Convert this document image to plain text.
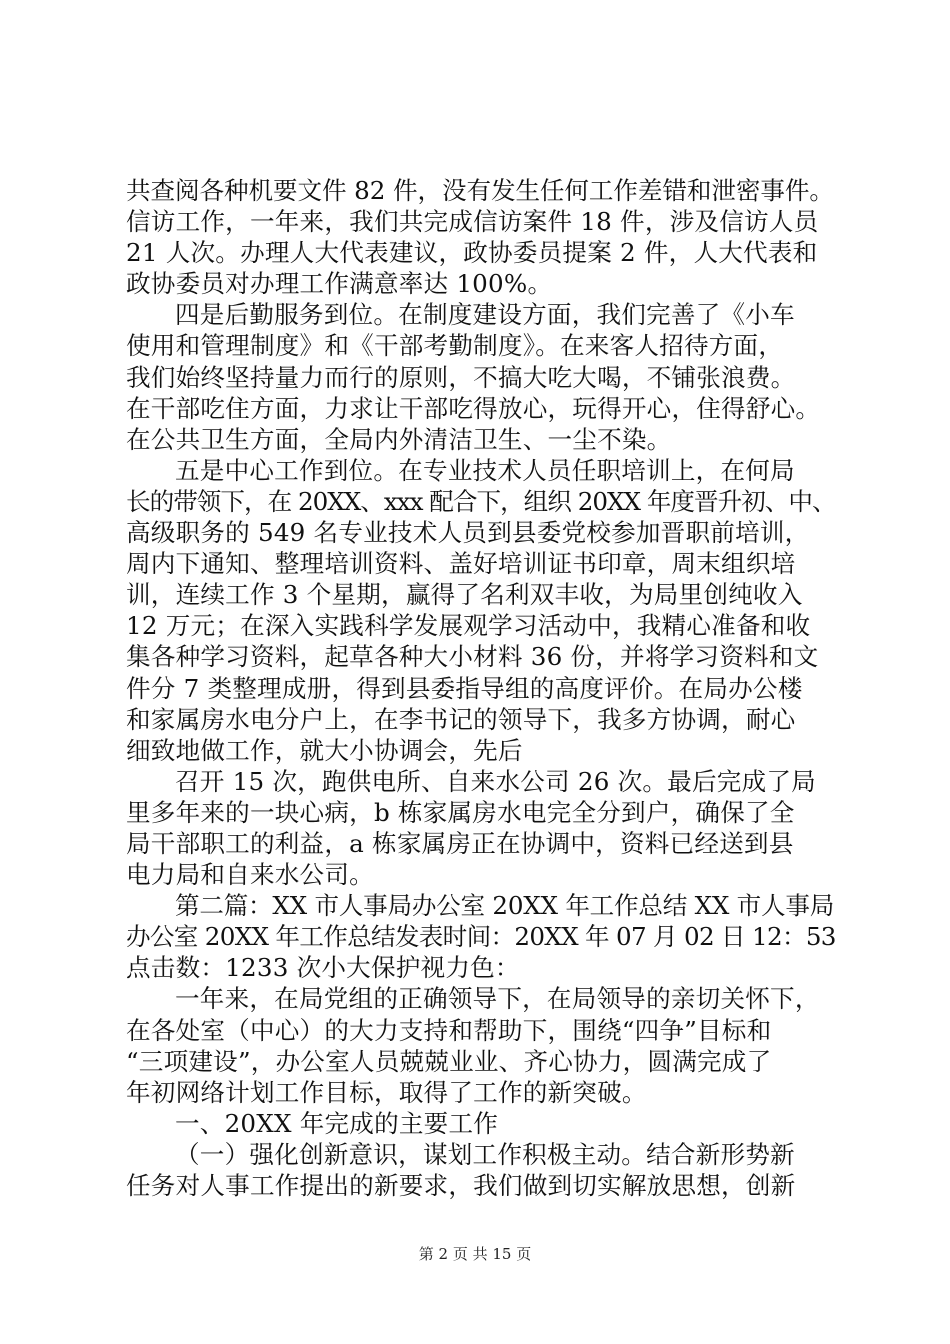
共查阅各种机要文件 82 件，没有发生任何工作差错和泄密事件。
信访工作，一年来，我们共完成信访案件 18 件，涉及信访人员
21 人次。办理人大代表建议，政协委员提案 2 件，人大代表和
政协委员对办理工作满意率达 100%。
四是后勤服务到位。在制度建设方面，我们完善了《小车
使用和管理制度》和《干部考勤制度》。在来客人招待方面，
我们始终坚持量力而行的原则，不搞大吃大喝，不铺张浪费。
在干部吃住方面，力求让干部吃得放心，玩得开心，住得舒心。
在公共卫生方面，全局内外清洁卫生、一尘不染。
五是中心工作到位。在专业技术人员任职培训上，在何局
长的带领下，在 20XX、xxx 配合下，组织 20XX 年度晋升初、中、
高级职务的 549 名专业技术人员到县委党校参加晋职前培训，
周内下通知、整理培训资料、盖好培训证书印章，周末组织培
训，连续工作 3 个星期，赢得了名利双丰收，为局里创纯收入
12 万元；在深入实践科学发展观学习活动中，我精心准备和收
集各种学习资料，起草各种大小材料 36 份，并将学习资料和文
件分 7 类整理成册，得到县委指导组的高度评价。在局办公楼
和家属房水电分户上，在李书记的领导下，我多方协调，耐心
细致地做工作，就大小协调会，先后
召开 15 次，跑供电所、自来水公司 26 次。最后完成了局
里多年来的一块心病，b 栋家属房水电完全分到户，确保了全
局干部职工的利益，a 栋家属房正在协调中，资料已经送到县
电力局和自来水公司。
第二篇：XX 市人事局办公室 20XX 年工作总结 XX 市人事局
办公室 20XX 年工作总结发表时间：20XX 年 07 月 02 日 12：53
点击数：1233 次小大保护视力色：
一年来，在局党组的正确领导下，在局领导的亲切关怀下，
在各处室（中心）的大力支持和帮助下，围绕“四争”目标和
“三项建设”，办公室人员兢兢业业、齐心协力，圆满完成了
年初网络计划工作目标，取得了工作的新突破。
一、20XX 年完成的主要工作
（一）强化创新意识，谋划工作积极主动。结合新形势新
任务对人事工作提出的新要求，我们做到切实解放思想，创新
第 2 页 共 15 页
